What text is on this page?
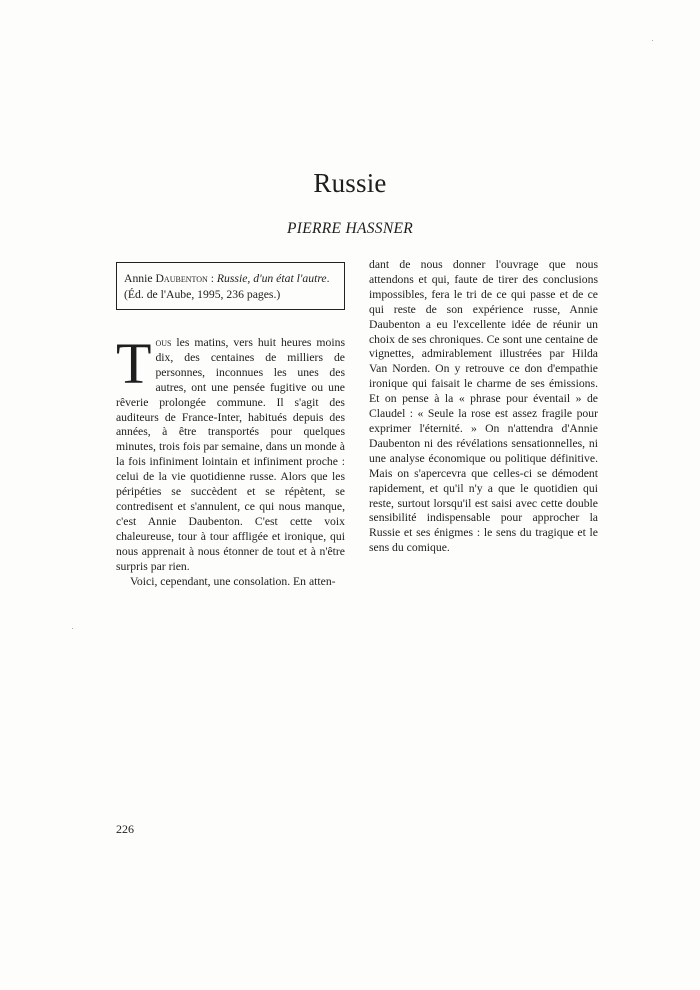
Russie
PIERRE HASSNER
Annie Daubenton : Russie, d'un état l'autre. (Éd. de l'Aube, 1995, 236 pages.)

Tous les matins, vers huit heures moins dix, des centaines de milliers de personnes, inconnues les unes des autres, ont une pensée fugitive ou une rêverie prolongée commune. Il s'agit des auditeurs de France-Inter, habitués depuis des années, à être transportés pour quelques minutes, trois fois par semaine, dans un monde à la fois infiniment lointain et infiniment proche : celui de la vie quotidienne russe. Alors que les péripéties se succèdent et se répètent, se contredisent et s'annulent, ce qui nous manque, c'est Annie Daubenton. C'est cette voix chaleureuse, tour à tour affligée et ironique, qui nous apprenait à nous étonner de tout et à n'être surpris par rien.

Voici, cependant, une consolation. En atten-

dant de nous donner l'ouvrage que nous attendons et qui, faute de tirer des conclusions impossibles, fera le tri de ce qui passe et de ce qui reste de son expérience russe, Annie Daubenton a eu l'excellente idée de réunir un choix de ses chroniques. Ce sont une centaine de vignettes, admirablement illustrées par Hilda Van Norden. On y retrouve ce don d'empathie ironique qui faisait le charme de ses émissions. Et on pense à la « phrase pour éventail » de Claudel : « Seule la rose est assez fragile pour exprimer l'éternité. » On n'attendra d'Annie Daubenton ni des révélations sensationnelles, ni une analyse économique ou politique définitive. Mais on s'apercevra que celles-ci se démodent rapidement, et qu'il n'y a que le quotidien qui reste, surtout lorsqu'il est saisi avec cette double sensibilité indispensable pour approcher la Russie et ses énigmes : le sens du tragique et le sens du comique.

226
